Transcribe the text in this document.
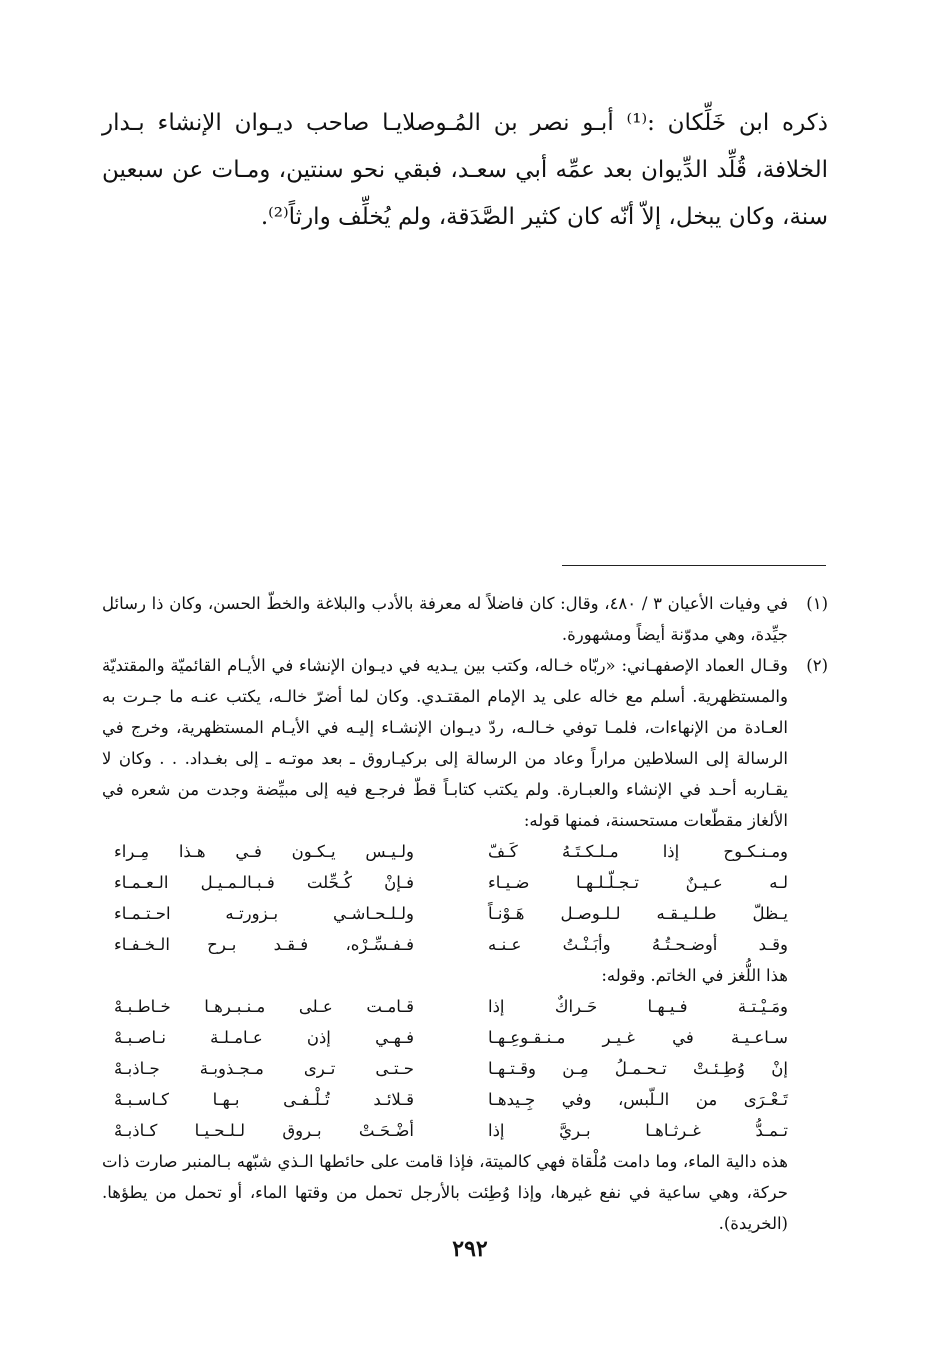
ذكره ابن خَلِّكان :⁽¹⁾ أبـو نصر بن المُـوصلايـا صاحب ديـوان الإنشاء بـدار الخلافة، قُلِّد الدِّيوان بعد عمِّه أبي سعـد، فبقي نحو سنتين، ومـات عن سبعين سنة، وكان يبخل، إلاّ أنّه كان كثير الصَّدَقة، ولم يُخلِّف وارثاً⁽²⁾.

(١)

في وفيات الأعيان ٣ / ٤٨٠، وقال: كان فاضلاً له معرفة بالأدب والبلاغة والخطّ الحسن، وكان ذا رسائل جيِّدة، وهي مدوّنة أيضاً ومشهورة.

(٢)

وقـال العماد الإصفهـاني: «ربّاه خـاله، وكتب بين يـديه في ديـوان الإنشاء في الأيـام القائميّة والمقتديّة والمستظهرية. أسلم مع خاله على يد الإمام المقتـدي. وكان لما أضرّ خالـه، يكتب عنـه ما جـرت به العـادة من الإنهاءات، فلمـا توفي خـالـه، ردّ ديـوان الإنشـاء إليـه في الأيـام المستظهرية، وخرج في الرسالة إلى السلاطين مراراً وعاد من الرسالة إلى بركيـاروق ـ بعد موتـه ـ إلى بغـداد. . . وكان لا يقـاربه أحـد في الإنشاء والعبـارة. ولم يكتب كتابـاً قطّ فرجـع فيه إلى مبيِّضة وجدت من شعره في الألغاز مقطّعات مستحسنة، فمنها قوله:

ومـنـكـوح إذا مـلـكـتَـهُ كَـفّ
ولـيـس يـكـون فـي هـذا مِـراء
لـه عـيـنٌ تـجـلّـلـهـا ضـيـاء
فـإنْ كُـحِّلت فـبـالـمـيـل الـعـمـاء
يـظلّ طـلـيـقـه لـلـوصـل هَـوْنـاً
ولـلـحـاشـي بـزورتـه احـتـمـاء
وقـد أوضـحـتُـهُ وأبَـنْـتُ عـنـه
فـفـسِّـرْه، فـقـد بـرح الـخـفـاء

هذا اللُّغز في الخاتم. وقوله:

ومَـيْـتـة فـيـهـا حَـراكٌ إذا
قـامـت عـلى مـنـبـرهـا خـاطـبـهْ
سـاعـيـة في غـيـر مـنـقـوعِـهـا
فـهـي إذن عـامـلـة نـاصـبـهْ
إنْ وُطِـئـتْ تـحـمـلُ مِـن وقـتـهـا
حـتـى تـرى مـجـذوبـة جـاذبـهْ
تَـعْـرَى من الـلّبس، وفي جِـيدهـا
قـلائـد تُـلْـفـى بـهـا كـاسـبـهْ
تـمـدُّ غـرثـاهـا بـريَّ إذا
أضْـحَـتْ بـروق لـلـحـيـا كـاذبـهْ

هذه دالية الماء، وما دامت مُلْقاة فهي كالميتة، فإذا قامت على حائطها الـذي شبّهه بـالمنبر صارت ذات حركة، وهي ساعية في نفع غيرها، وإذا وُطِئت بالأرجل تحمل من وقتها الماء، أو تحمل من يطؤها. (الخريدة).

٢٩٢
